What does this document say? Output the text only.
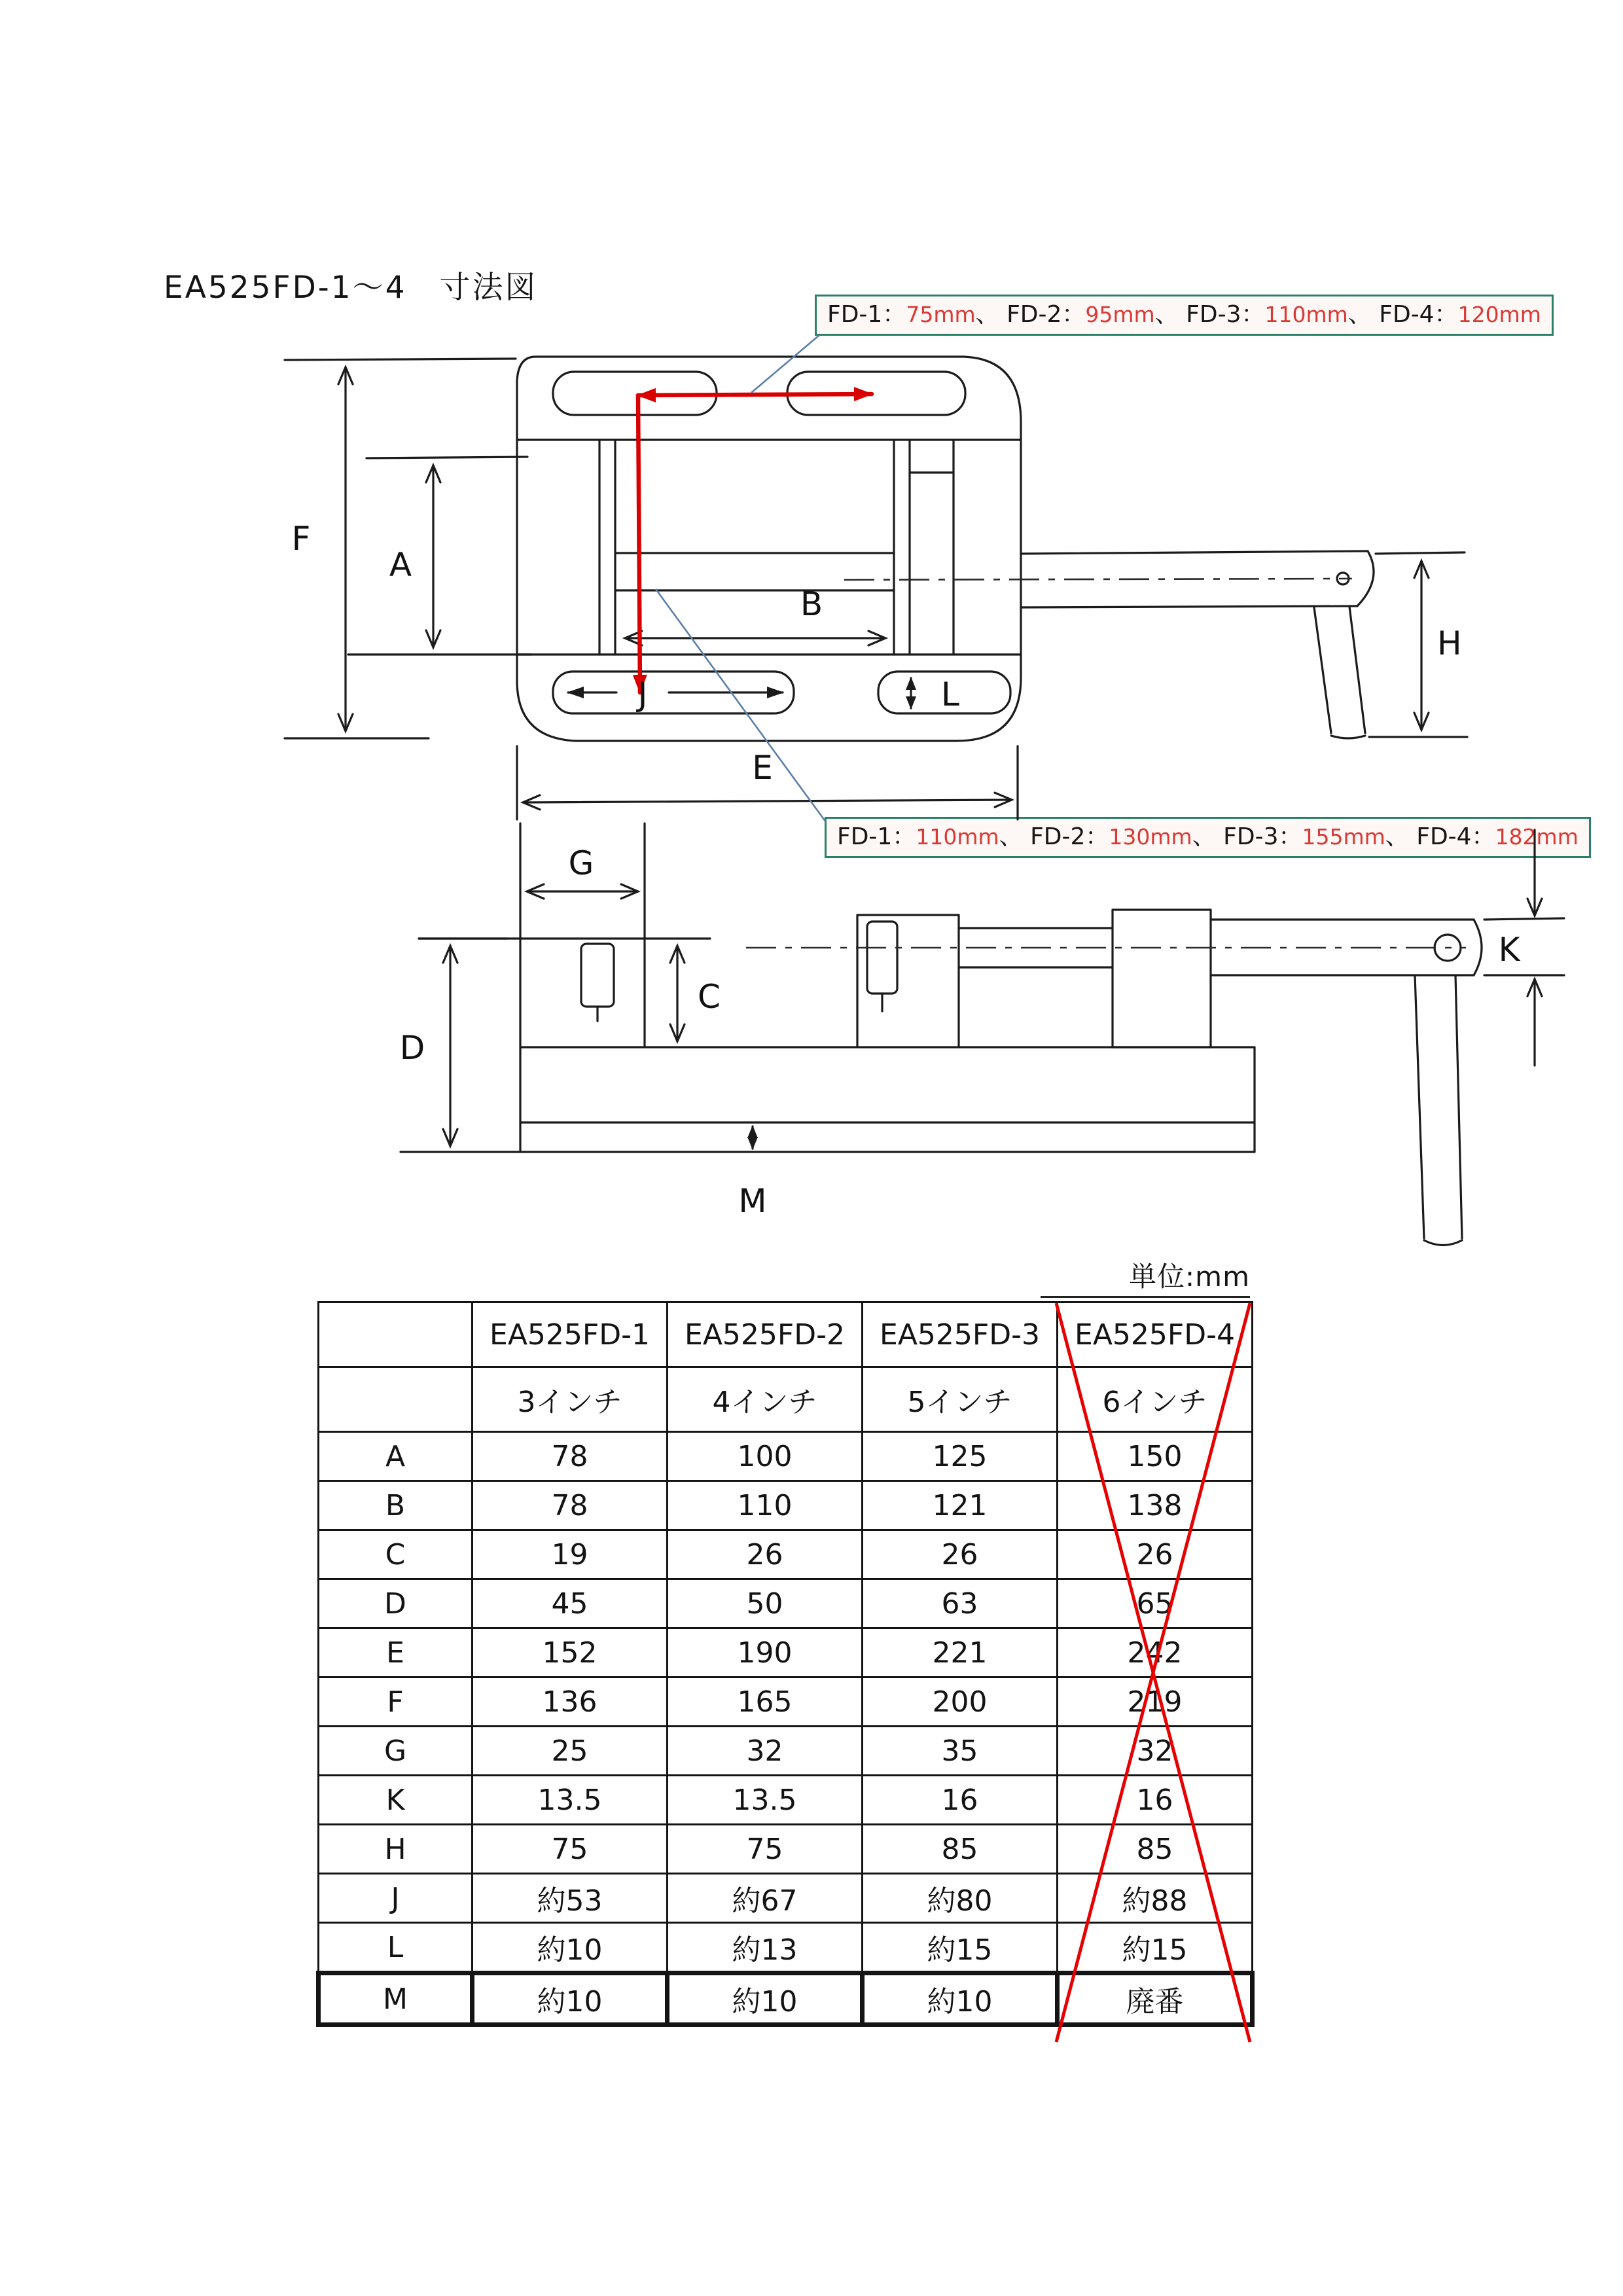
EA525FD-1～4　寸法図
FD-1：75mm、 FD-2：95mm、 FD-3：110mm、 FD-4：120mm
FD-1：110mm、 FD-2：130mm、 FD-3：155mm、 FD-4：182mm
単位:mm
	EA525FD-1	EA525FD-2	EA525FD-3	EA525FD-4
	3インチ	4インチ	5インチ	6インチ
A	78	100	125	150
B	78	110	121	138
C	19	26	26	26
D	45	50	63	65
E	152	190	221	242
F	136	165	200	219
G	25	32	35	32
K	13.5	13.5	16	16
H	75	75	85	85
J	約53	約67	約80	約88
L	約10	約13	約15	約15
M	約10	約10	約10	廃番
F
A
B
J	L
E
H
G
C
D
M
K
